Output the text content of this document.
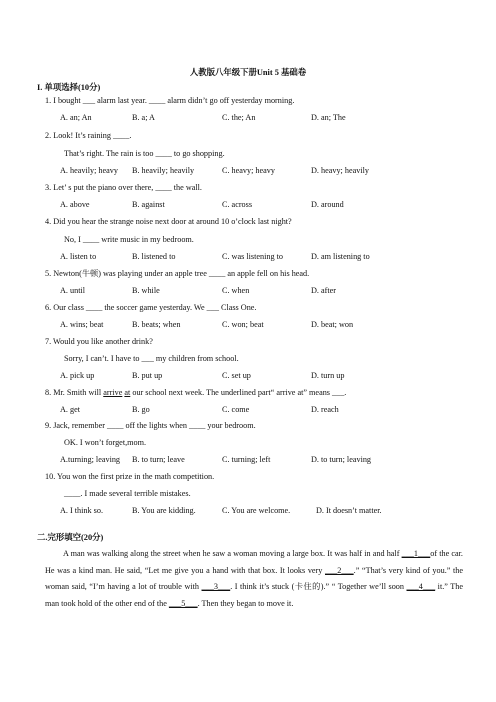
人教版八年级下册Unit 5 基础卷
I. 单项选择(10分)
1. I bought ___ alarm last year. ____ alarm didn’t go off yesterday morning.
A. an; An	B. a; A	C. the; An	D. an; The
2. Look! It’s raining ____.
That’s right. The rain is too ____ to go shopping.
A. heavily; heavy B. heavily; heavily	C. heavy; heavy	D. heavy; heavily
3. Let’ s put the piano over there, ____ the wall.
A. above	B. against	C. across	D. around
4. Did you hear the strange noise next door at around 10 o’clock last night?
No, I ____ write music in my bedroom.
A. listen to	B. listened to	C. was listening to	D. am listening to
5. Newton(牛顿) was playing under an apple tree ____ an apple fell on his head.
A. until	B. while	C. when	D. after
6. Our class ____ the soccer game yesterday. We ___ Class One.
A. wins; beat	B. beats; when	C. won; beat	D. beat; won
7. Would you like another drink?
Sorry, I can’t. I have to ___ my children from school.
A. pick up	B. put up	C. set up	D. turn up
8. Mr. Smith will arrive at our school next week. The underlined part“ arrive at” means ___.
A. get	B. go	C. come	D. reach
9. Jack, remember ____ off the lights when ____ your bedroom.
OK. I won’t forget,mom.
A.turning; leaving B. to turn; leave	C. turning; left	D. to turn; leaving
10. You won the first prize in the math competition.
____. I made several terrible mistakes.
A. I think so.	B. You are kidding.	C. You are welcome.	D. It doesn’t matter.
二.完形填空(20分)
A man was walking along the street when he saw a woman moving a large box. It was half in and half ___1___of the car. He was a kind man. He said, “Let me give you a hand with that box. It looks very ___2___.” “That’s very kind of you.” the woman said, “I’m having a lot of trouble with ___3___. I think it’s stuck (卡住的).” “ Together we’ll soon ___4___ it.” The man took hold of the other end of the ___5___. Then they began to move it.
